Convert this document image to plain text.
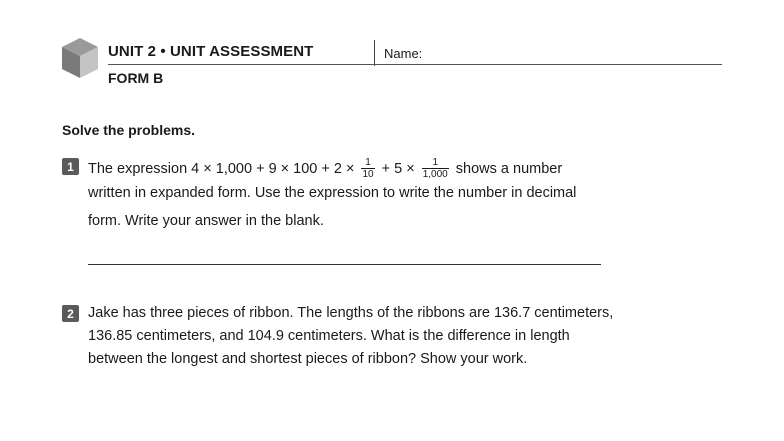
UNIT 2 • UNIT ASSESSMENT	Name:
FORM B
Solve the problems.
1 The expression $4 \times 1,000 + 9 \times 100 + 2 \times \frac{1}{10} + 5 \times \frac{1}{1,000}$ shows a number
written in expanded form. Use the expression to write the number in decimal
form. Write your answer in the blank.
2 Jake has three pieces of ribbon. The lengths of the ribbons are 136.7 centimeters,
136.85 centimeters, and 104.9 centimeters. What is the difference in length
between the longest and shortest pieces of ribbon? Show your work.
